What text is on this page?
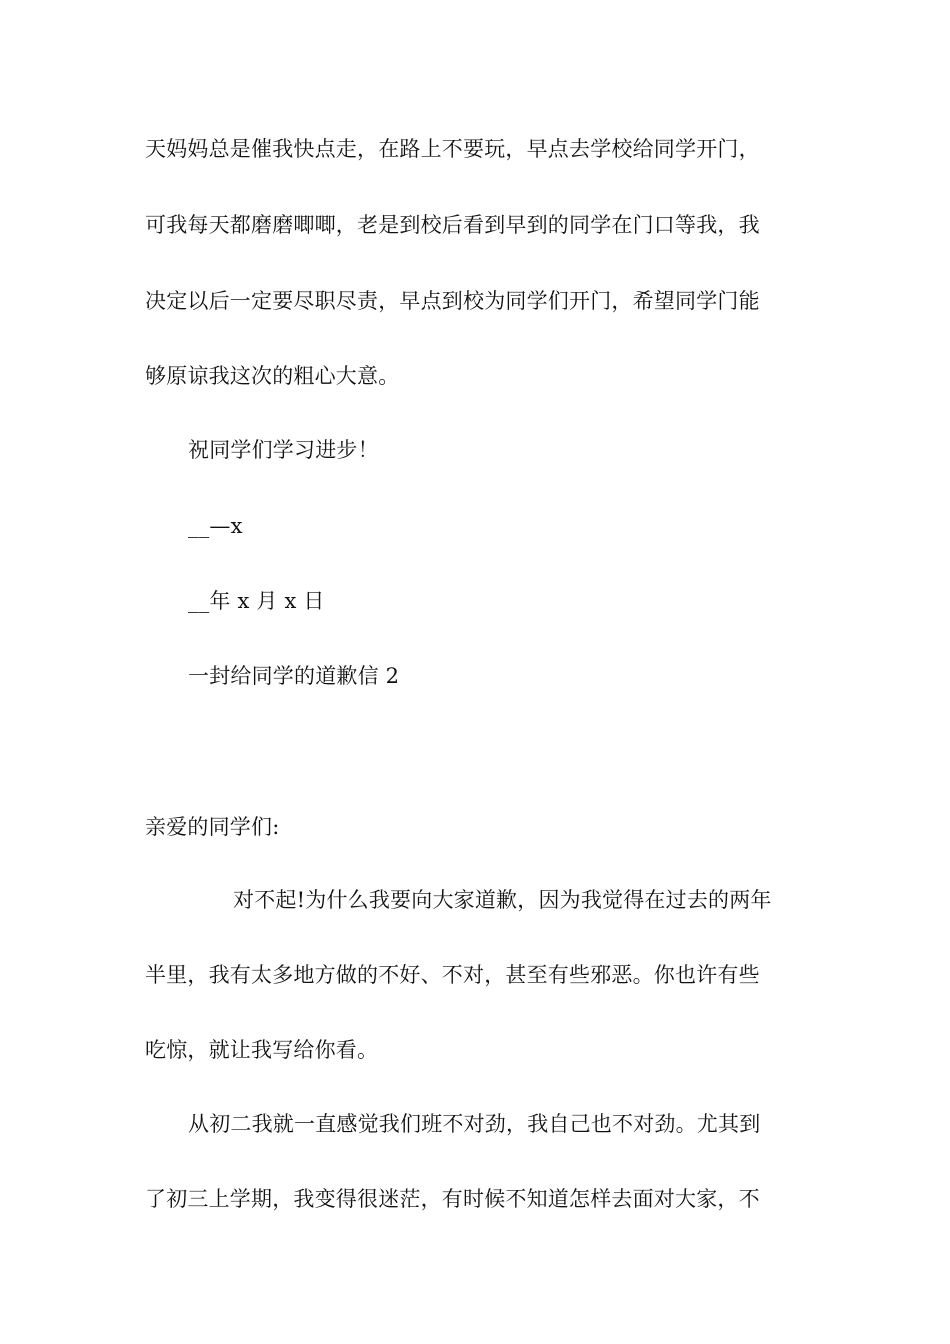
天妈妈总是催我快点走，在路上不要玩，早点去学校给同学开门，
可我每天都磨磨唧唧，老是到校后看到早到的同学在门口等我，我
决定以后一定要尽职尽责，早点到校为同学们开门，希望同学门能
够原谅我这次的粗心大意。
祝同学们学习进步！
__—x
__年 x 月 x 日
一封给同学的道歉信 2
亲爱的同学们:
对不起!为什么我要向大家道歉，因为我觉得在过去的两年
半里，我有太多地方做的不好、不对，甚至有些邪恶。你也许有些
吃惊，就让我写给你看。
从初二我就一直感觉我们班不对劲，我自己也不对劲。尤其到
了初三上学期，我变得很迷茫，有时候不知道怎样去面对大家，不
